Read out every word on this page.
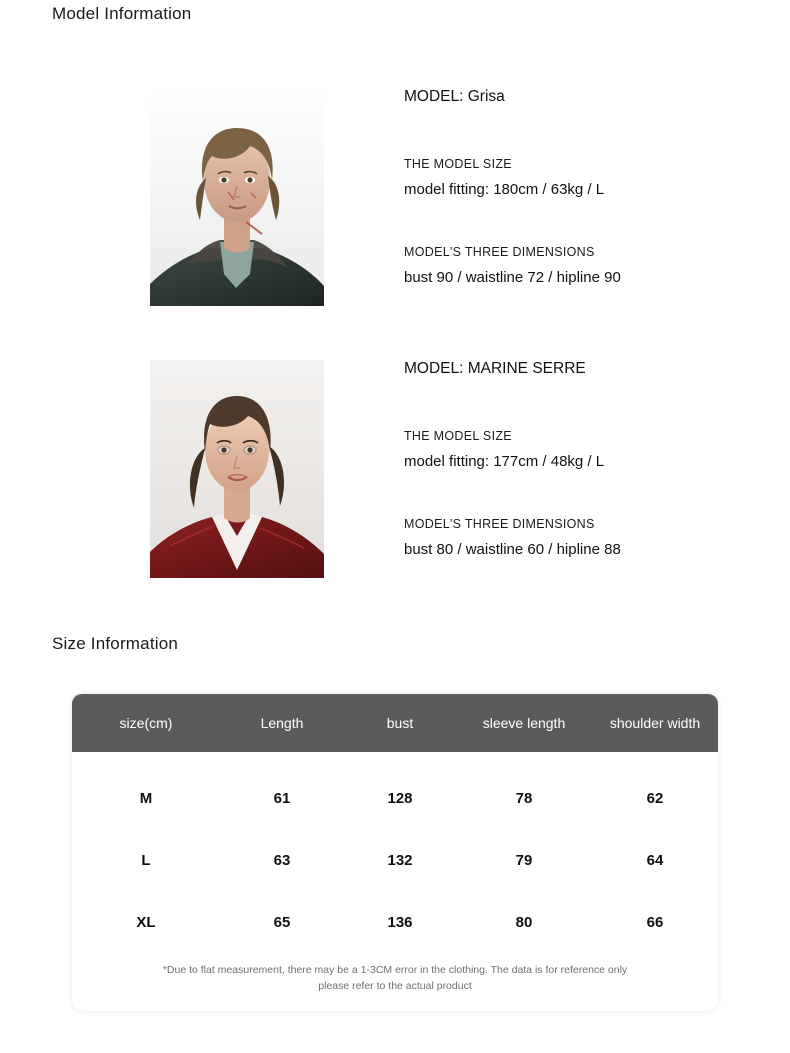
Model Information

MODEL: Grisa

THE MODEL SIZE

model fitting: 180cm / 63kg / L

MODEL'S THREE DIMENSIONS

bust 90 / waistline 72 / hipline 90

MODEL: MARINE SERRE

THE MODEL SIZE

model fitting: 177cm / 48kg / L

MODEL'S THREE DIMENSIONS

bust 80 / waistline 60 / hipline 88

Size Information
size(cm)	Length	bust	sleeve length	shoulder width
M	61	128	78	62
L	63	132	79	64
XL	65	136	80	66
*Due to flat measurement, there may be a 1-3CM error in the clothing. The data is for reference only
please refer to the actual product
